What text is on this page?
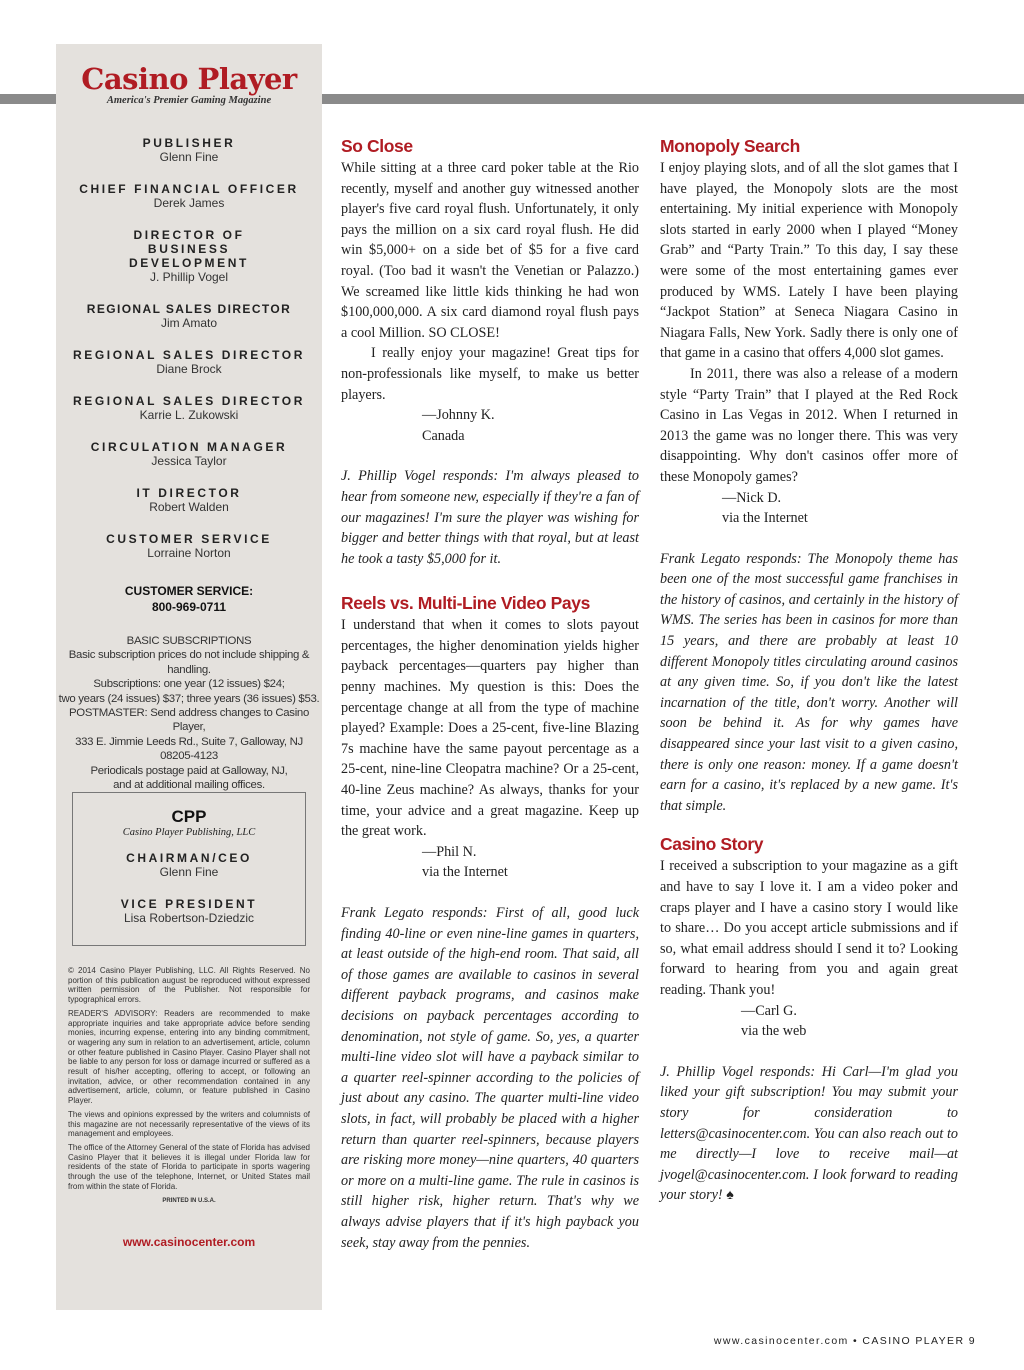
Casino Player
America's Premier Gaming Magazine
PUBLISHER
Glenn Fine
CHIEF FINANCIAL OFFICER
Derek James
DIRECTOR OF BUSINESS DEVELOPMENT
J. Phillip Vogel
REGIONAL SALES DIRECTOR
Jim Amato
REGIONAL SALES DIRECTOR
Diane Brock
REGIONAL SALES DIRECTOR
Karrie L. Zukowski
CIRCULATION MANAGER
Jessica Taylor
IT DIRECTOR
Robert Walden
CUSTOMER SERVICE
Lorraine Norton
CUSTOMER SERVICE:
800-969-0711
BASIC SUBSCRIPTIONS
Basic subscription prices do not include shipping & handling.
Subscriptions: one year (12 issues) $24;
two years (24 issues) $37; three years (36 issues) $53.
POSTMASTER: Send address changes to Casino Player,
333 E. Jimmie Leeds Rd., Suite 7, Galloway, NJ 08205-4123
Periodicals postage paid at Galloway, NJ,
and at additional mailing offices.
CPP
Casino Player Publishing, LLC
CHAIRMAN/CEO
Glenn Fine
VICE PRESIDENT
Lisa Robertson-Dziedzic

© 2014 Casino Player Publishing, LLC. All Rights Reserved. No portion of this publication august be reproduced without expressed written permission of the Publisher. Not responsible for typographical errors.

READER'S ADVISORY: Readers are recommended to make appropriate inquiries and take appropriate advice before sending monies, incurring expense, entering into any binding commitment, or wagering any sum in relation to an advertisement, article, column or other feature published in Casino Player. Casino Player shall not be liable to any person for loss or damage incurred or suffered as a result of his/her accepting, offering to accept, or following an invitation, advice, or other recommendation contained in any advertisement, article, column, or feature published in Casino Player.

The views and opinions expressed by the writers and columnists of this magazine are not necessarily representative of the views of its management and employees.

The office of the Attorney General of the state of Florida has advised Casino Player that it believes it is illegal under Florida law for residents of the state of Florida to participate in sports wagering through the use of the telephone, Internet, or United States mail from within the state of Florida.

PRINTED IN U.S.A.
www.casinocenter.com
So Close

While sitting at a three card poker table at the Rio recently, myself and another guy witnessed another player's five card royal flush. Unfortunately, it only pays the million on a six card royal flush. He did win $5,000+ on a side bet of $5 for a five card royal. (Too bad it wasn't the Venetian or Palazzo.) We screamed like little kids thinking he had won $100,000,000. A six card diamond royal flush pays a cool Million. SO CLOSE!

I really enjoy your magazine! Great tips for non-professionals like myself, to make us better players.

—Johnny K.

Canada

J. Phillip Vogel responds: I'm always pleased to hear from someone new, especially if they're a fan of our magazines! I'm sure the player was wishing for bigger and better things with that royal, but at least he took a tasty $5,000 for it.

Reels vs. Multi-Line Video Pays

I understand that when it comes to slots payout percentages, the higher denomination yields higher payback percentages—quarters pay higher than penny machines. My question is this: Does the percentage change at all from the type of machine played? Example: Does a 25-cent, five-line Blazing 7s machine have the same payout percentage as a 25-cent, nine-line Cleopatra machine? Or a 25-cent, 40-line Zeus machine? As always, thanks for your time, your advice and a great magazine. Keep up the great work.

—Phil N.

via the Internet

Frank Legato responds: First of all, good luck finding 40-line or even nine-line games in quarters, at least outside of the high-end room. That said, all of those games are available to casinos in several different payback programs, and casinos make decisions on payback percentages according to denomination, not style of game. So, yes, a quarter multi-line video slot will have a payback similar to a quarter reel-spinner according to the policies of just about any casino. The quarter multi-line video slots, in fact, will probably be placed with a higher return than quarter reel-spinners, because players are risking more money—nine quarters, 40 quarters or more on a multi-line game. The rule in casinos is still higher risk, higher return. That's why we always advise players that if it's high payback you seek, stay away from the pennies.

Monopoly Search

I enjoy playing slots, and of all the slot games that I have played, the Monopoly slots are the most entertaining. My initial experience with Monopoly slots started in early 2000 when I played “Money Grab” and “Party Train.” To this day, I say these were some of the most entertaining games ever produced by WMS. Lately I have been playing “Jackpot Station” at Seneca Niagara Casino in Niagara Falls, New York. Sadly there is only one of that game in a casino that offers 4,000 slot games.

In 2011, there was also a release of a modern style “Party Train” that I played at the Red Rock Casino in Las Vegas in 2012. When I returned in 2013 the game was no longer there. This was very disappointing. Why don't casinos offer more of these Monopoly games?

—Nick D.

via the Internet

Frank Legato responds: The Monopoly theme has been one of the most successful game franchises in the history of casinos, and certainly in the history of WMS. The series has been in casinos for more than 15 years, and there are probably at least 10 different Monopoly titles circulating around casinos at any given time. So, if you don't like the latest incarnation of the title, don't worry. Another will soon be behind it. As for why games have disappeared since your last visit to a given casino, there is only one reason: money. If a game doesn't earn for a casino, it's replaced by a new game. It's that simple.

Casino Story

I received a subscription to your magazine as a gift and have to say I love it. I am a video poker and craps player and I have a casino story I would like to share… Do you accept article submissions and if so, what email address should I send it to? Looking forward to hearing from you and again great reading. Thank you!

—Carl G.

via the web

J. Phillip Vogel responds: Hi Carl—I'm glad you liked your gift subscription! You may submit your story for consideration to letters@casinocenter.com. You can also reach out to me directly—I love to receive mail—at jvogel@casinocenter.com. I look forward to reading your story! ♠

www.casinocenter.com • CASINO PLAYER 9
